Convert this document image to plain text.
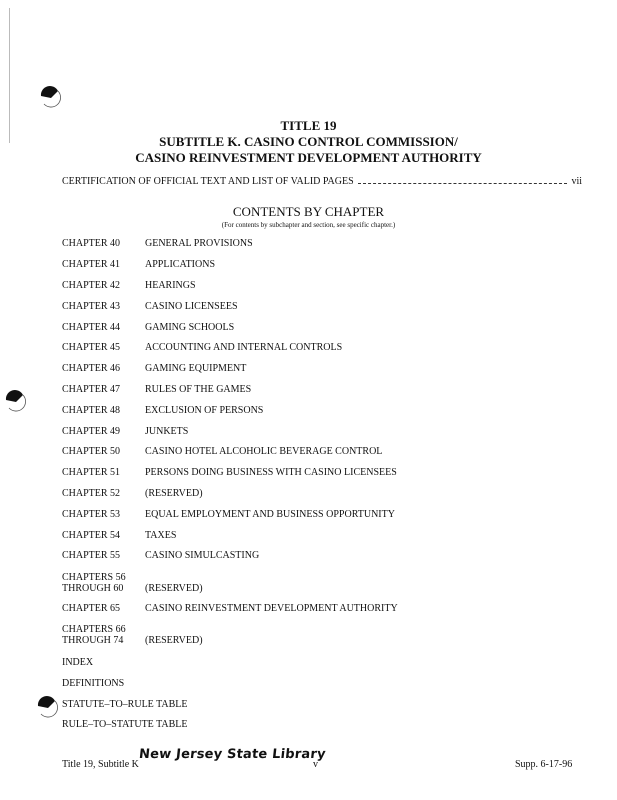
TITLE 19
SUBTITLE K. CASINO CONTROL COMMISSION/
CASINO REINVESTMENT DEVELOPMENT AUTHORITY
CERTIFICATION OF OFFICIAL TEXT AND LIST OF VALID PAGES	vii
CONTENTS BY CHAPTER
(For contents by subchapter and section, see specific chapter.)
CHAPTER 40 GENERAL PROVISIONS
CHAPTER 41 APPLICATIONS
CHAPTER 42 HEARINGS
CHAPTER 43 CASINO LICENSEES
CHAPTER 44 GAMING SCHOOLS
CHAPTER 45 ACCOUNTING AND INTERNAL CONTROLS
CHAPTER 46 GAMING EQUIPMENT
CHAPTER 47 RULES OF THE GAMES
CHAPTER 48 EXCLUSION OF PERSONS
CHAPTER 49 JUNKETS
CHAPTER 50 CASINO HOTEL ALCOHOLIC BEVERAGE CONTROL
CHAPTER 51 PERSONS DOING BUSINESS WITH CASINO LICENSEES
CHAPTER 52 (RESERVED)
CHAPTER 53 EQUAL EMPLOYMENT AND BUSINESS OPPORTUNITY
CHAPTER 54 TAXES
CHAPTER 55 CASINO SIMULCASTING
CHAPTERS 56
THROUGH 60 (RESERVED)
CHAPTER 65 CASINO REINVESTMENT DEVELOPMENT AUTHORITY
CHAPTERS 66
THROUGH 74 (RESERVED)
INDEX
DEFINITIONS
STATUTE–TO–RULE TABLE
RULE–TO–STATUTE TABLE
Title 19, Subtitle K
New Jersey State Library
v	Supp. 6-17-96
